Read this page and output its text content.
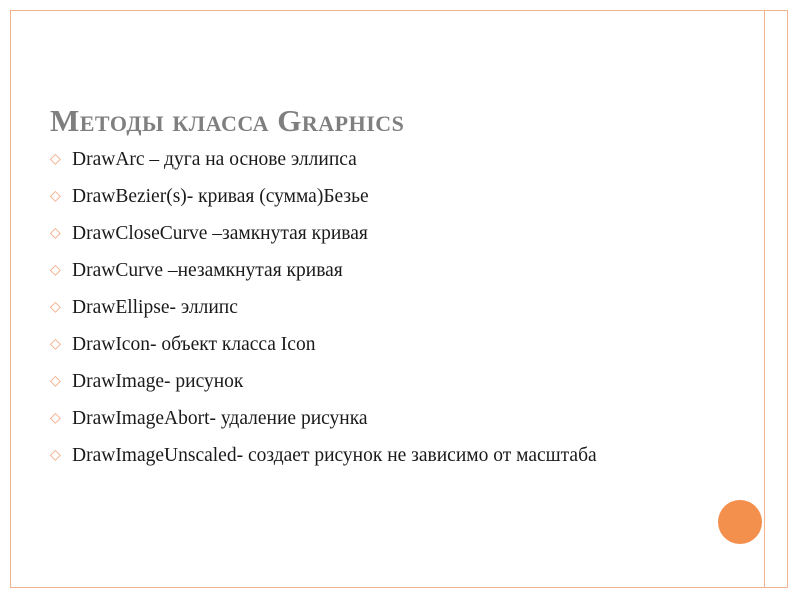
Методы класса Graphics
◇ DrawArc – дуга на основе эллипса
◇ DrawBezier(s)- кривая (сумма)Безье
◇ DrawCloseCurve –замкнутая кривая
◇ DrawCurve –незамкнутая кривая
◇ DrawEllipse- эллипс
◇ DrawIcon- объект класса Icon
◇ DrawImage- рисунок
◇ DrawImageAbort- удаление рисунка
◇ DrawImageUnscaled- создает рисунок не зависимо от масштаба
